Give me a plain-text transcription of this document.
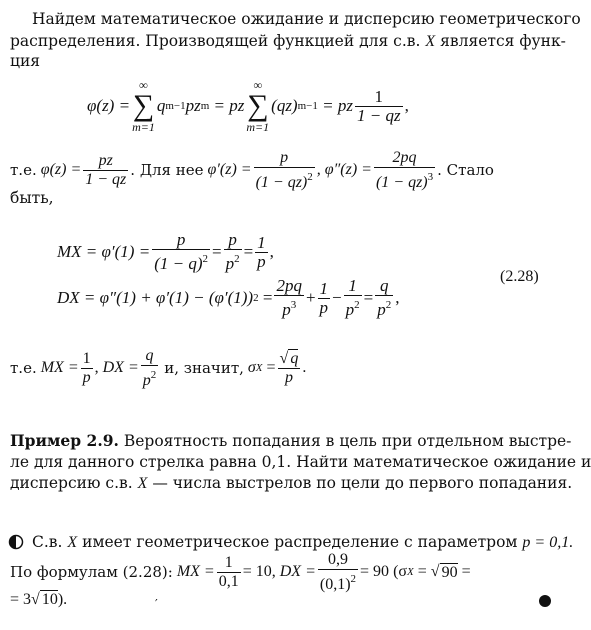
Найдем математическое ожидание и дисперсию геометрического
распределения. Производящей функцией для с.в. X является функ-
ция
φ(z) =
∞
∑
m=1
q m−1 pz m
= pz
∞
∑
m=1
(qz) m−1
= pz $\frac{1}{1 - qz}$ ,
т.е.
$\varphi(z) = \frac{pz}{1 - qz}$ . Для нее
$\varphi'(z) = \frac{p}{(1 - qz)^2}$ , $\varphi''(z) = \frac{2pq}{(1 - qz)^3}$ . Стало
быть,
MX = $\varphi'(1) = \frac{p}{(1 - q)^2} = \frac{p}{p^2} = \frac{1}{p}$ ,
DX = φ″(1) + φ′(1) − (φ′(1)) 2
= $\frac{2pq}{p^3} + \frac{1}{p} - \frac{1}{p^2} = \frac{q}{p^2}$ ,
(2.28)
т.е.
MX = $\frac{1}{p}$ ,
DX = $\frac{q}{p^2} и$, значит, σ X
= $\frac{√ q}{p}$ .
Пример 2.9. Вероятность попадания в цель при отдельном выстре-
ле для данного стрелка равна 0,1. Найти математическое ожидание и
дисперсию с.в. X — числа выстрелов по цели до первого попадания.
С.в. X имеет геометрическое распределение с параметром p = 0,1.
По формулам (2.28):
MX = $\frac{1}{0,1} = 10$,
DX = $\frac{0,9}{(0,1)^2} = 90$
(σ X
= √ 90
=
= 3√ 10).	′
